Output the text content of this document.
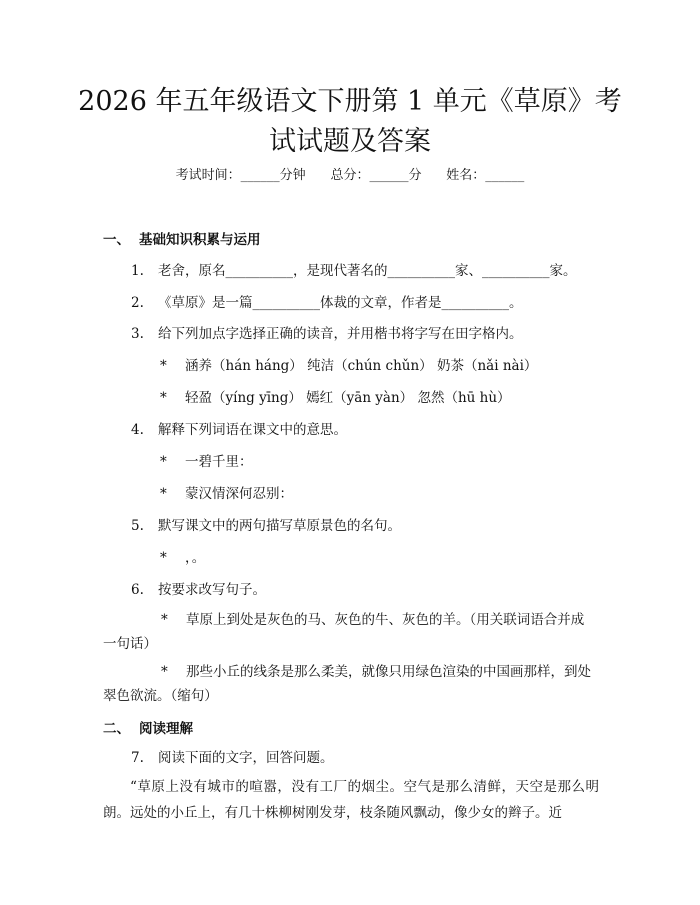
2026 年五年级语文下册第 1 单元《草原》考
试试题及答案
考试时间：______分钟 总分：______分 姓名：______
一、 基础知识积累与运用
1. 老舍，原名__________，是现代著名的__________家、__________家。
2. 《草原》是一篇__________体裁的文章，作者是__________。
3. 给下列加点字选择正确的读音，并用楷书将字写在田字格内。
* 涵养（hán háng） 纯洁（chún chǔn） 奶茶（nǎi nài）
* 轻盈（yíng yīng） 嫣红（yān yàn） 忽然（hū hù）
4. 解释下列词语在课文中的意思。
* 一碧千里：
* 蒙汉情深何忍别：
5. 默写课文中的两句描写草原景色的名句。
* ，。
6. 按要求改写句子。
* 草原上到处是灰色的马、灰色的牛、灰色的羊。（用关联词语合并成
一句话）
* 那些小丘的线条是那么柔美，就像只用绿色渲染的中国画那样，到处
翠色欲流。（缩句）
二、 阅读理解
7. 阅读下面的文字，回答问题。
“草原上没有城市的喧嚣，没有工厂的烟尘。空气是那么清鲜，天空是那么明朗。远处的小丘上，有几十株柳树刚发芽，枝条随风飘动，像少女的辫子。近
